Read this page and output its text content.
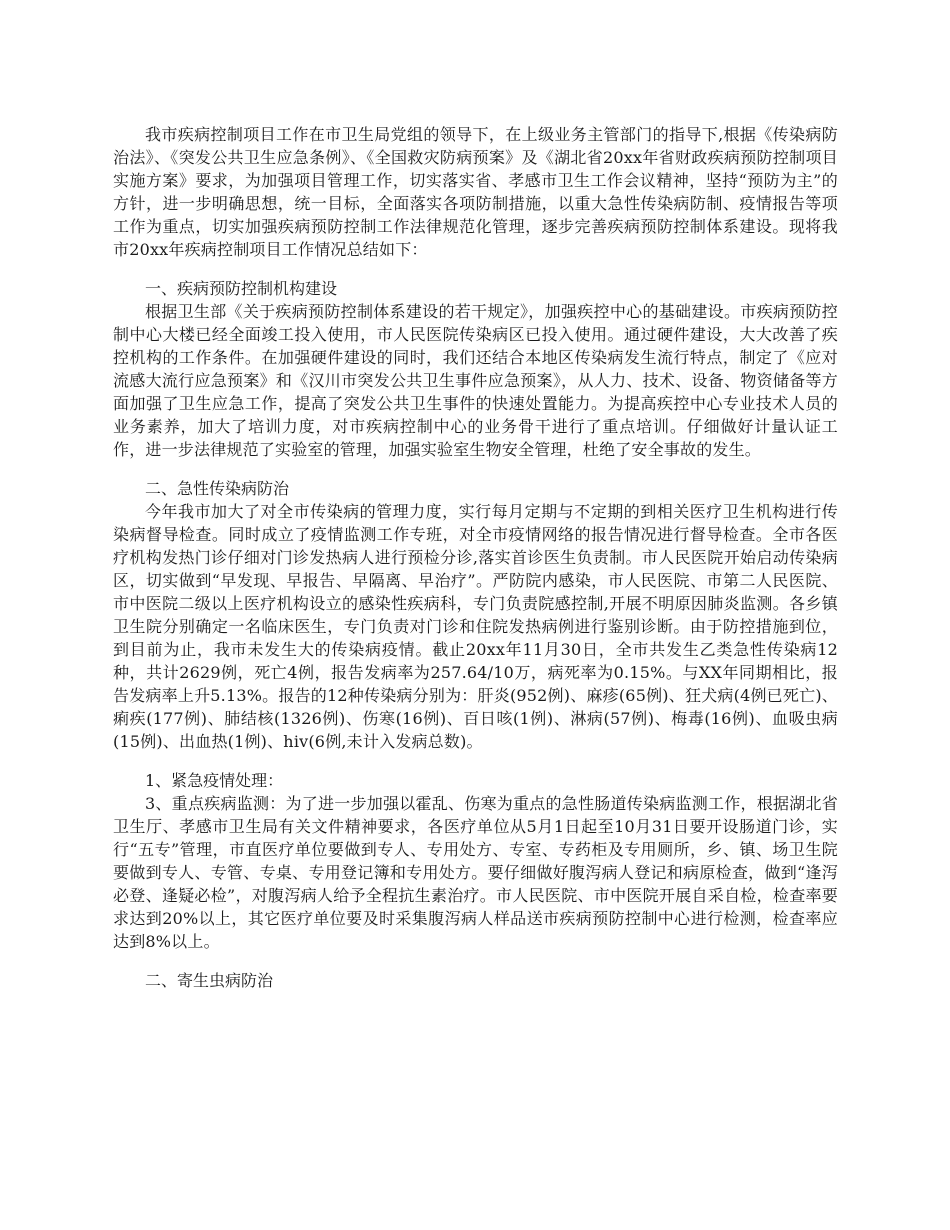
我市疾病控制项目工作在市卫生局党组的领导下，在上级业务主管部门的指导下,根据《传染病防治法》、《突发公共卫生应急条例》、《全国救灾防病预案》及《湖北省20xx年省财政疾病预防控制项目实施方案》要求，为加强项目管理工作，切实落实省、孝感市卫生工作会议精神，坚持“预防为主”的方针，进一步明确思想，统一目标，全面落实各项防制措施，以重大急性传染病防制、疫情报告等项工作为重点，切实加强疾病预防控制工作法律规范化管理，逐步完善疾病预防控制体系建设。现将我市20xx年疾病控制项目工作情况总结如下：

一、疾病预防控制机构建设

根据卫生部《关于疾病预防控制体系建设的若干规定》，加强疾控中心的基础建设。市疾病预防控制中心大楼已经全面竣工投入使用，市人民医院传染病区已投入使用。通过硬件建设，大大改善了疾控机构的工作条件。在加强硬件建设的同时，我们还结合本地区传染病发生流行特点，制定了《应对流感大流行应急预案》和《汉川市突发公共卫生事件应急预案》，从人力、技术、设备、物资储备等方面加强了卫生应急工作，提高了突发公共卫生事件的快速处置能力。为提高疾控中心专业技术人员的业务素养，加大了培训力度，对市疾病控制中心的业务骨干进行了重点培训。仔细做好计量认证工作，进一步法律规范了实验室的管理，加强实验室生物安全管理，杜绝了安全事故的发生。

二、急性传染病防治

今年我市加大了对全市传染病的管理力度，实行每月定期与不定期的到相关医疗卫生机构进行传染病督导检查。同时成立了疫情监测工作专班，对全市疫情网络的报告情况进行督导检查。全市各医疗机构发热门诊仔细对门诊发热病人进行预检分诊,落实首诊医生负责制。市人民医院开始启动传染病区，切实做到“早发现、早报告、早隔离、早治疗”。严防院内感染，市人民医院、市第二人民医院、市中医院二级以上医疗机构设立的感染性疾病科，专门负责院感控制,开展不明原因肺炎监测。各乡镇卫生院分别确定一名临床医生，专门负责对门诊和住院发热病例进行鉴别诊断。由于防控措施到位，到目前为止，我市未发生大的传染病疫情。截止20xx年11月30日，全市共发生乙类急性传染病12种，共计2629例，死亡4例，报告发病率为257.64/10万，病死率为0.15%。与XX年同期相比，报告发病率上升5.13%。报告的12种传染病分别为：肝炎(952例)、麻疹(65例)、狂犬病(4例已死亡)、痢疾(177例)、肺结核(1326例)、伤寒(16例)、百日咳(1例)、淋病(57例)、梅毒(16例)、血吸虫病(15例)、出血热(1例)、hiv(6例,未计入发病总数)。

1、紧急疫情处理：

3、重点疾病监测：为了进一步加强以霍乱、伤寒为重点的急性肠道传染病监测工作，根据湖北省卫生厅、孝感市卫生局有关文件精神要求，各医疗单位从5月1日起至10月31日要开设肠道门诊，实行“五专”管理，市直医疗单位要做到专人、专用处方、专室、专药柜及专用厕所，乡、镇、场卫生院要做到专人、专管、专桌、专用登记簿和专用处方。要仔细做好腹泻病人登记和病原检查，做到“逢泻必登、逢疑必检”，对腹泻病人给予全程抗生素治疗。市人民医院、市中医院开展自采自检，检查率要求达到20%以上，其它医疗单位要及时采集腹泻病人样品送市疾病预防控制中心进行检测，检查率应达到8%以上。

二、寄生虫病防治
